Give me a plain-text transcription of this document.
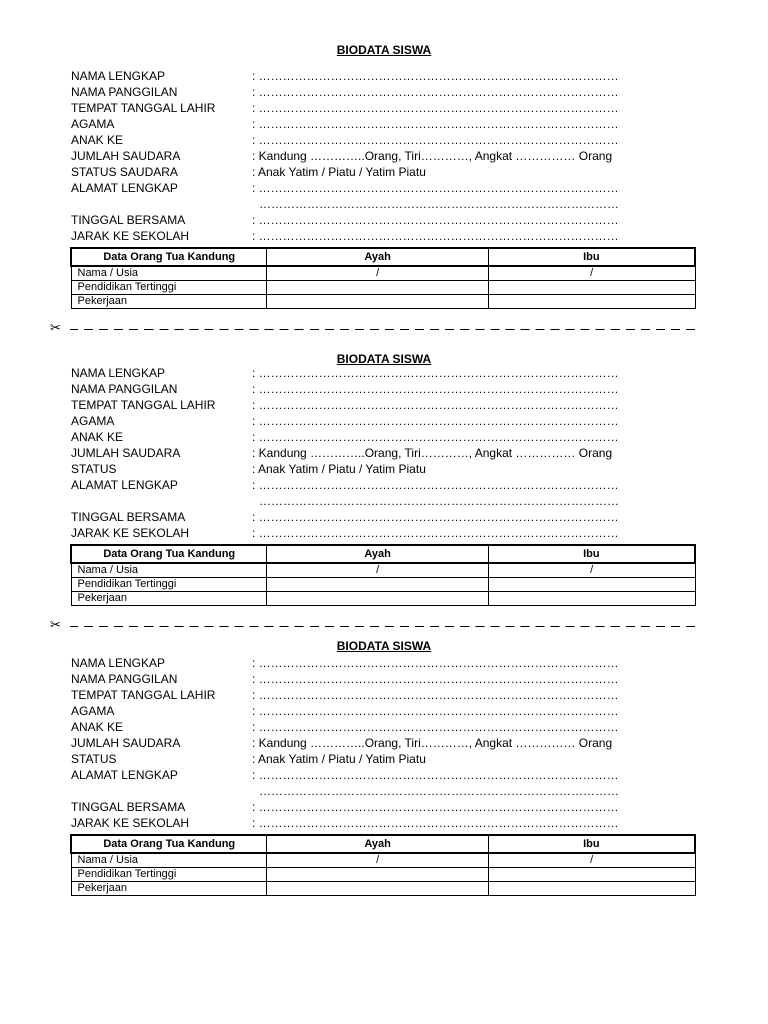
BIODATA SISWA
NAMA LENGKAP	: ………………………………………………………………………………
NAMA PANGGILAN	: ………………………………………………………………………………
TEMPAT TANGGAL LAHIR	: ………………………………………………………………………………
AGAMA	: ………………………………………………………………………………
ANAK KE	: ………………………………………………………………………………
JUMLAH SAUDARA	: Kandung …………..Orang, Tiri…………, Angkat …………… Orang
STATUS SAUDARA	: Anak Yatim / Piatu / Yatim Piatu
ALAMAT LENGKAP	: ………………………………………………………………………………
………………………………………………………………………………
TINGGAL BERSAMA	: ………………………………………………………………………………
JARAK KE SEKOLAH	: ………………………………………………………………………………
Data Orang Tua Kandung	Ayah	Ibu
Nama / Usia	/	/
Pendidikan Tertinggi		
Pekerjaan		
✂
BIODATA SISWA
NAMA LENGKAP	: ………………………………………………………………………………
NAMA PANGGILAN	: ………………………………………………………………………………
TEMPAT TANGGAL LAHIR	: ………………………………………………………………………………
AGAMA	: ………………………………………………………………………………
ANAK KE	: ………………………………………………………………………………
JUMLAH SAUDARA	: Kandung …………..Orang, Tiri…………, Angkat …………… Orang
STATUS	: Anak Yatim / Piatu / Yatim Piatu
ALAMAT LENGKAP	: ………………………………………………………………………………
………………………………………………………………………………
TINGGAL BERSAMA	: ………………………………………………………………………………
JARAK KE SEKOLAH	: ………………………………………………………………………………
Data Orang Tua Kandung	Ayah	Ibu
Nama / Usia	/	/
Pendidikan Tertinggi		
Pekerjaan		
✂
BIODATA SISWA
NAMA LENGKAP	: ………………………………………………………………………………
NAMA PANGGILAN	: ………………………………………………………………………………
TEMPAT TANGGAL LAHIR	: ………………………………………………………………………………
AGAMA	: ………………………………………………………………………………
ANAK KE	: ………………………………………………………………………………
JUMLAH SAUDARA	: Kandung …………..Orang, Tiri…………, Angkat …………… Orang
STATUS	: Anak Yatim / Piatu / Yatim Piatu
ALAMAT LENGKAP	: ………………………………………………………………………………
………………………………………………………………………………
TINGGAL BERSAMA	: ………………………………………………………………………………
JARAK KE SEKOLAH	: ………………………………………………………………………………
Data Orang Tua Kandung	Ayah	Ibu
Nama / Usia	/	/
Pendidikan Tertinggi		
Pekerjaan		
